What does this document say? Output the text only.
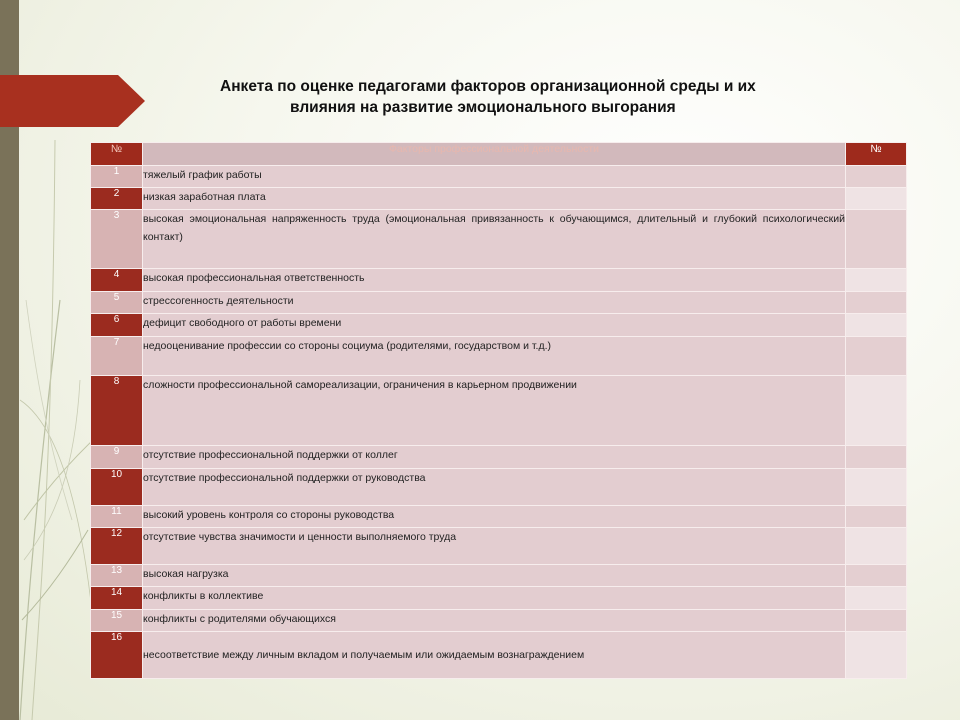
Анкета по оценке педагогами факторов организационной среды и их
влияния на развитие эмоционального выгорания
№	Факторы профессиональной деятельности	№
1	тяжелый график работы	
2	низкая заработная плата	
3	высокая эмоциональная напряженность труда (эмоциональная привязанность к обучающимся, длительный и глубокий психологический контакт)	
4	высокая профессиональная ответственность	
5	стрессогенность деятельности	
6	дефицит свободного от работы времени	
7	недооценивание профессии со стороны социума (родителями, государством и т.д.)	
8	сложности профессиональной самореализации, ограничения в карьерном продвижении	
9	отсутствие профессиональной поддержки от коллег	
10	отсутствие профессиональной поддержки от руководства	
11	высокий уровень контроля со стороны руководства	
12	отсутствие чувства значимости и ценности выполняемого труда	
13	высокая нагрузка	
14	конфликты в коллективе	
15	конфликты с родителями обучающихся	
16	несоответствие между личным вкладом и получаемым или ожидаемым вознаграждением	
